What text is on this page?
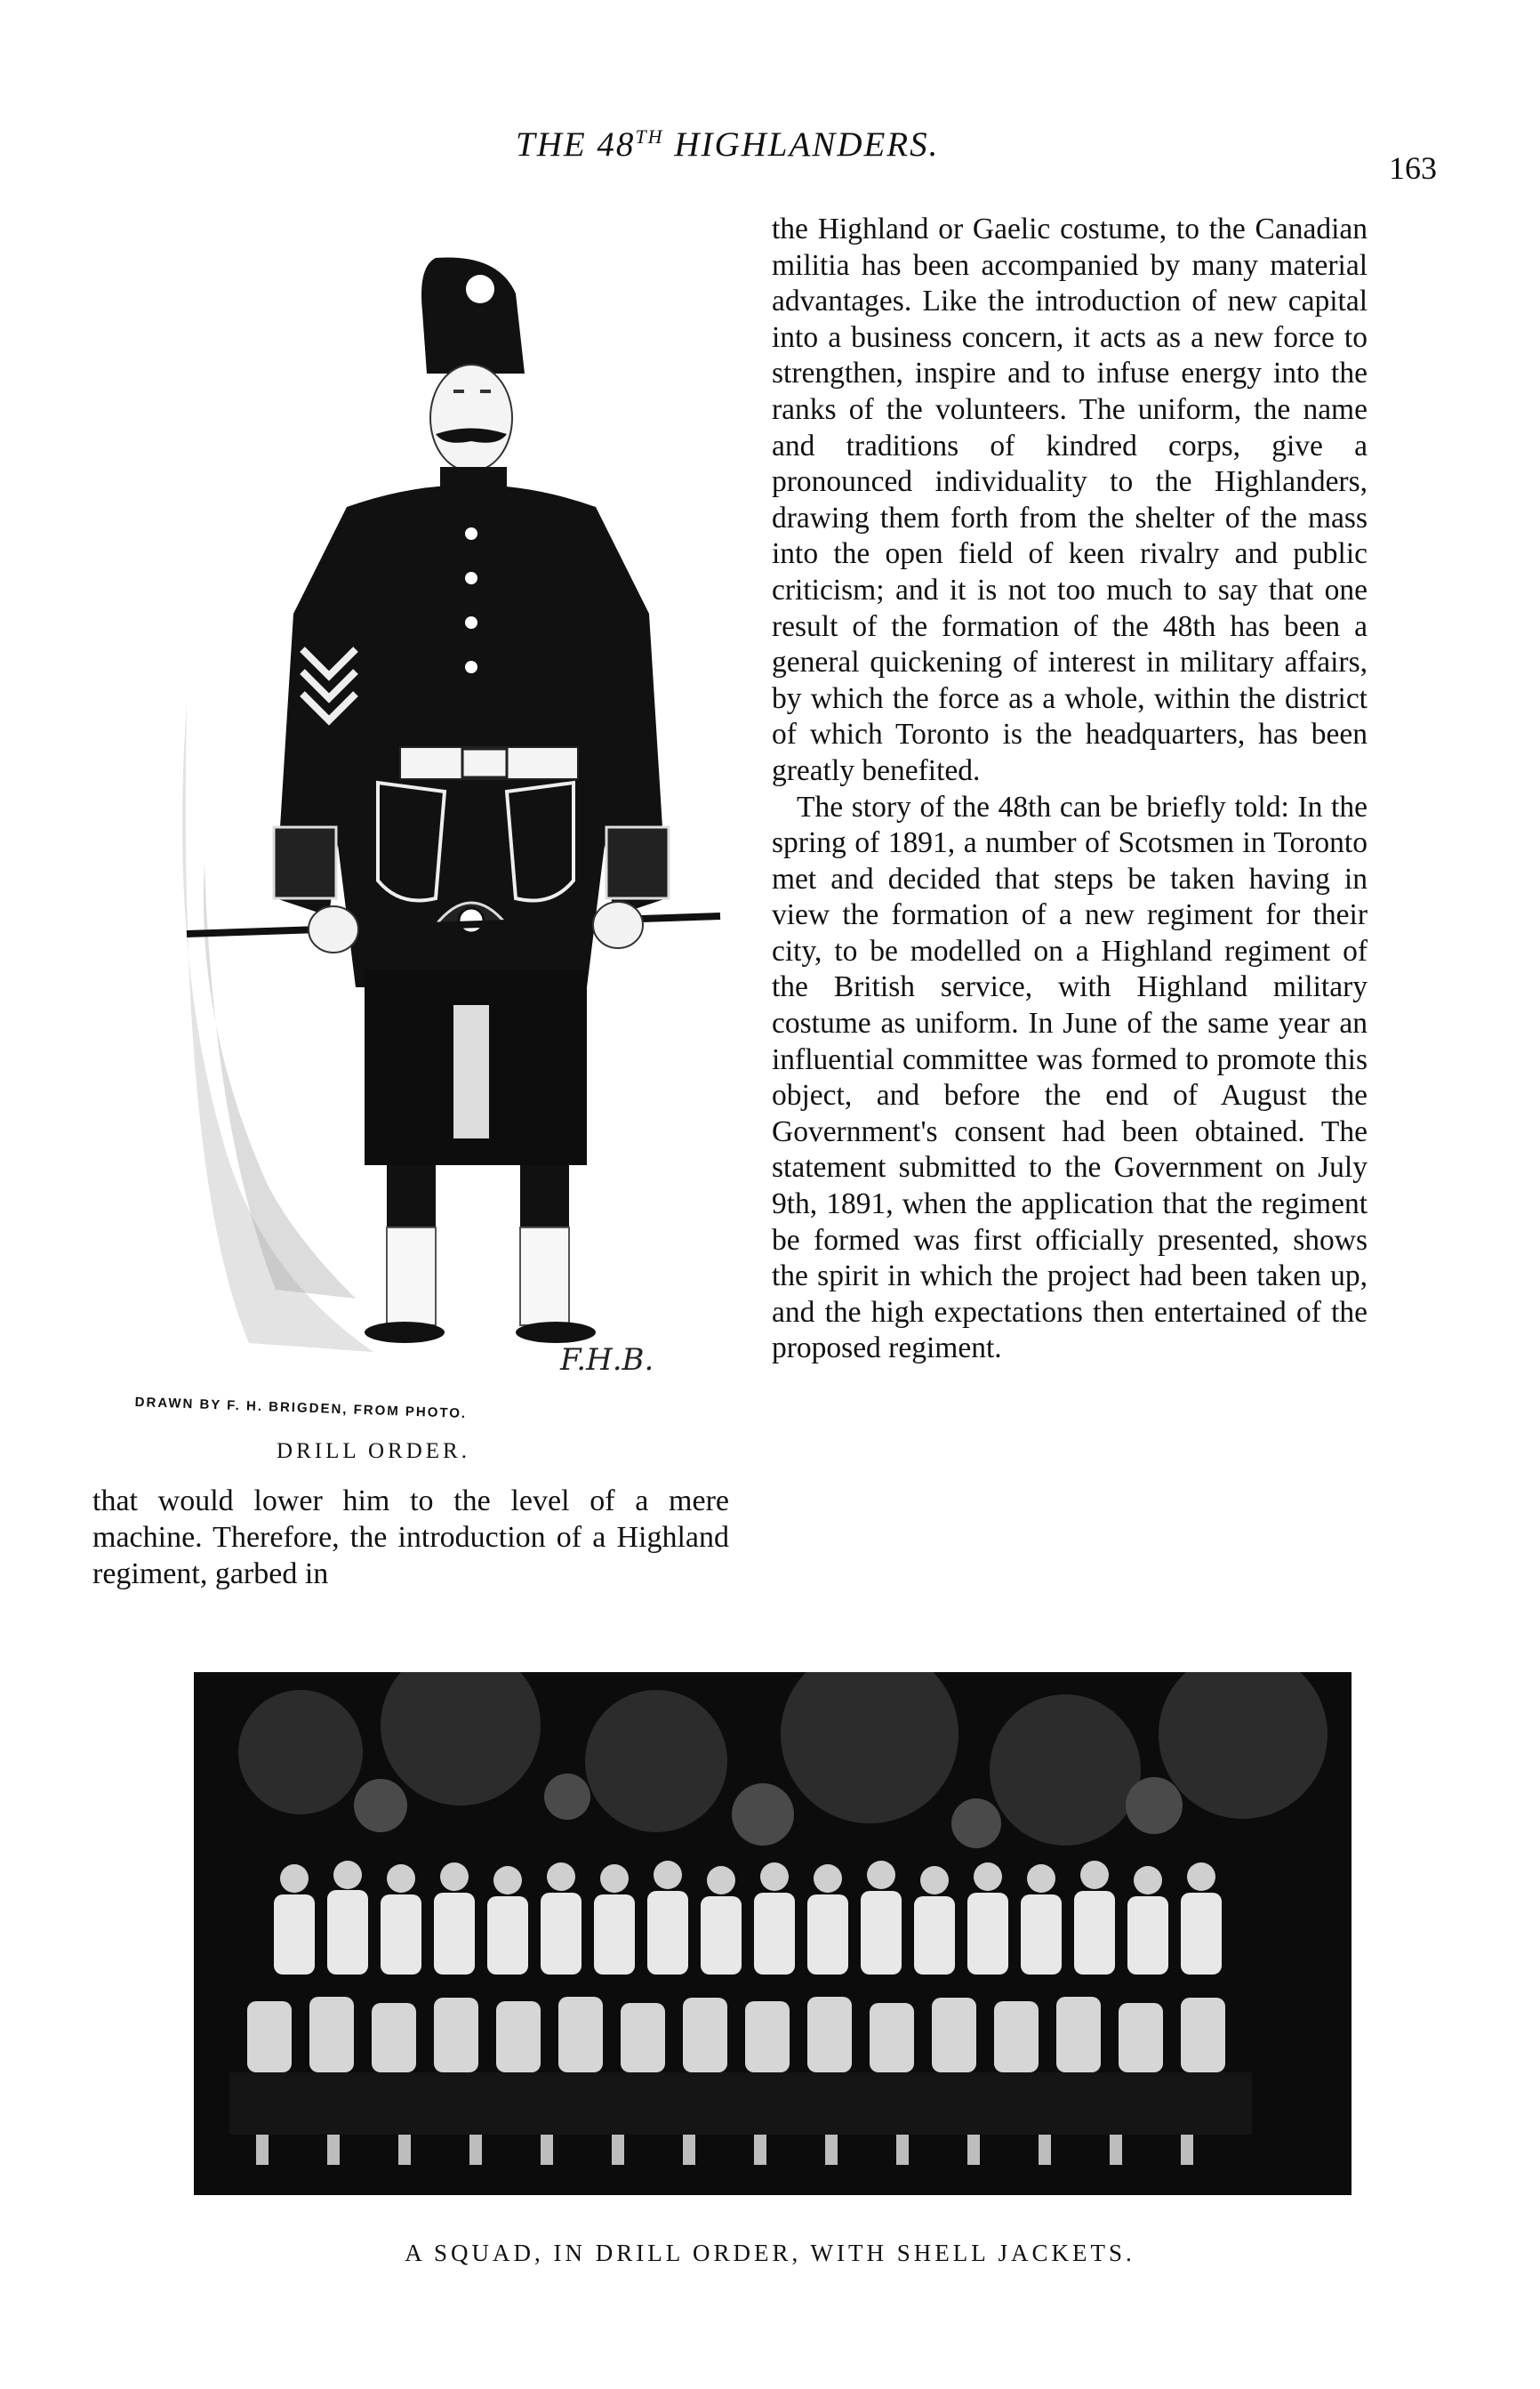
THE 48TH HIGHLANDERS.
163
F.H.B.
DRAWN BY F. H. BRIGDEN, FROM PHOTO.
DRILL ORDER.
that would lower him to the level of a mere machine. Therefore, the introduction of a Highland regiment, garbed in

the Highland or Gaelic costume, to the Canadian militia has been accompanied by many material advantages. Like the introduction of new capital into a business concern, it acts as a new force to strengthen, inspire and to infuse energy into the ranks of the volunteers. The uniform, the name and traditions of kindred corps, give a pronounced individuality to the Highlanders, drawing them forth from the shelter of the mass into the open field of keen rivalry and public criticism; and it is not too much to say that one result of the formation of the 48th has been a general quickening of interest in military affairs, by which the force as a whole, within the district of which Toronto is the headquarters, has been greatly benefited.

The story of the 48th can be briefly told: In the spring of 1891, a number of Scotsmen in Toronto met and decided that steps be taken having in view the formation of a new regiment for their city, to be modelled on a Highland regiment of the British service, with Highland military costume as uniform. In June of the same year an influential committee was formed to promote this object, and before the end of August the Government's consent had been obtained. The statement submitted to the Government on July 9th, 1891, when the application that the regiment be formed was first officially presented, shows the spirit in which the project had been taken up, and the high expectations then entertained of the proposed regiment.

A SQUAD, IN DRILL ORDER, WITH SHELL JACKETS.
